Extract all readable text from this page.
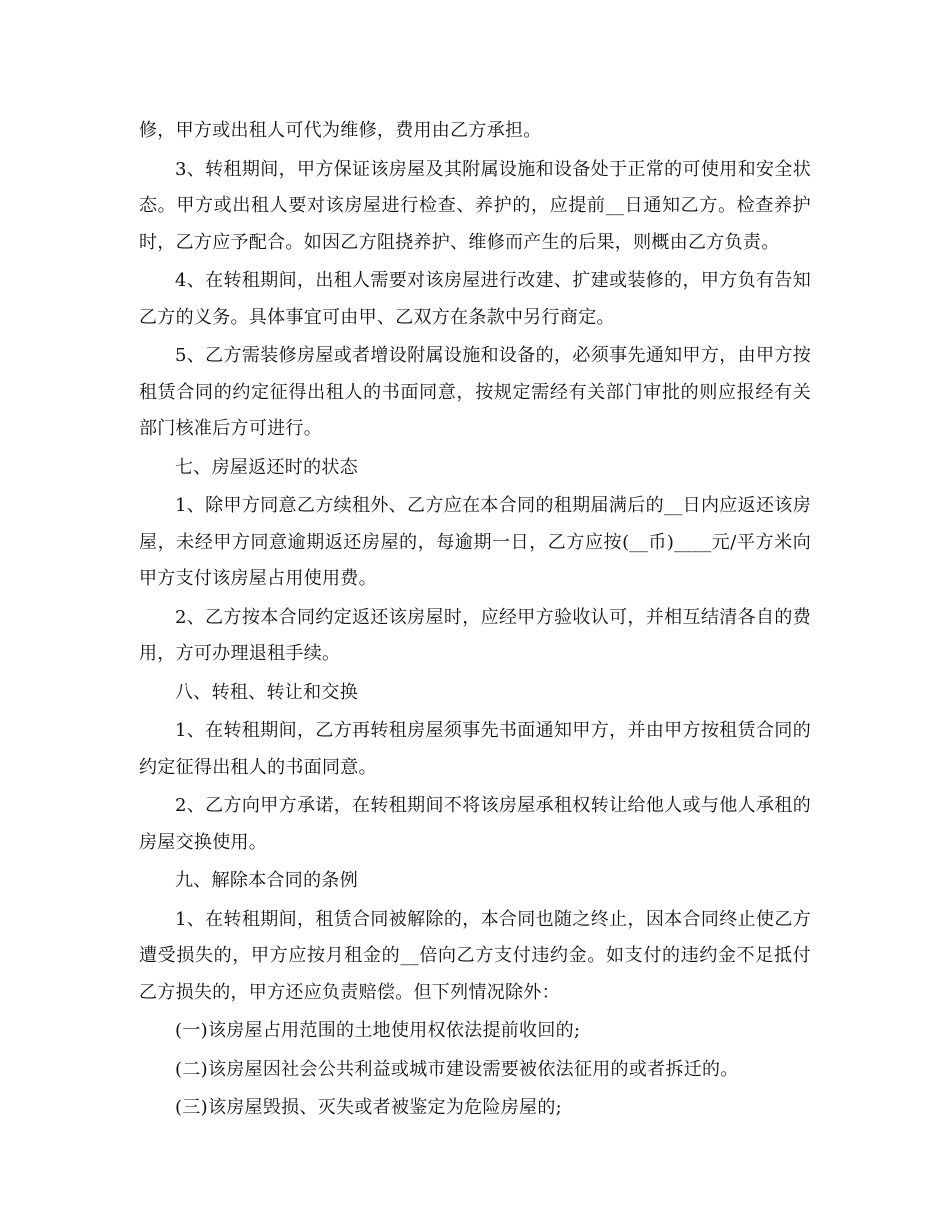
修，甲方或出租人可代为维修，费用由乙方承担。

3、转租期间，甲方保证该房屋及其附属设施和设备处于正常的可使用和安全状态。甲方或出租人要对该房屋进行检查、养护的，应提前__日通知乙方。检查养护时，乙方应予配合。如因乙方阻挠养护、维修而产生的后果，则概由乙方负责。

4、在转租期间，出租人需要对该房屋进行改建、扩建或装修的，甲方负有告知乙方的义务。具体事宜可由甲、乙双方在条款中另行商定。

5、乙方需装修房屋或者增设附属设施和设备的，必须事先通知甲方，由甲方按租赁合同的约定征得出租人的书面同意，按规定需经有关部门审批的则应报经有关部门核准后方可进行。

七、房屋返还时的状态

1、除甲方同意乙方续租外、乙方应在本合同的租期届满后的__日内应返还该房屋，未经甲方同意逾期返还房屋的，每逾期一日，乙方应按(__币)____元/平方米向甲方支付该房屋占用使用费。

2、乙方按本合同约定返还该房屋时，应经甲方验收认可，并相互结清各自的费用，方可办理退租手续。

八、转租、转让和交换

1、在转租期间，乙方再转租房屋须事先书面通知甲方，并由甲方按租赁合同的约定征得出租人的书面同意。

2、乙方向甲方承诺，在转租期间不将该房屋承租权转让给他人或与他人承租的房屋交换使用。

九、解除本合同的条例

1、在转租期间，租赁合同被解除的，本合同也随之终止，因本合同终止使乙方遭受损失的，甲方应按月租金的__倍向乙方支付违约金。如支付的违约金不足抵付乙方损失的，甲方还应负责赔偿。但下列情况除外：

(一)该房屋占用范围的土地使用权依法提前收回的;

(二)该房屋因社会公共利益或城市建设需要被依法征用的或者拆迁的。

(三)该房屋毁损、灭失或者被鉴定为危险房屋的;
